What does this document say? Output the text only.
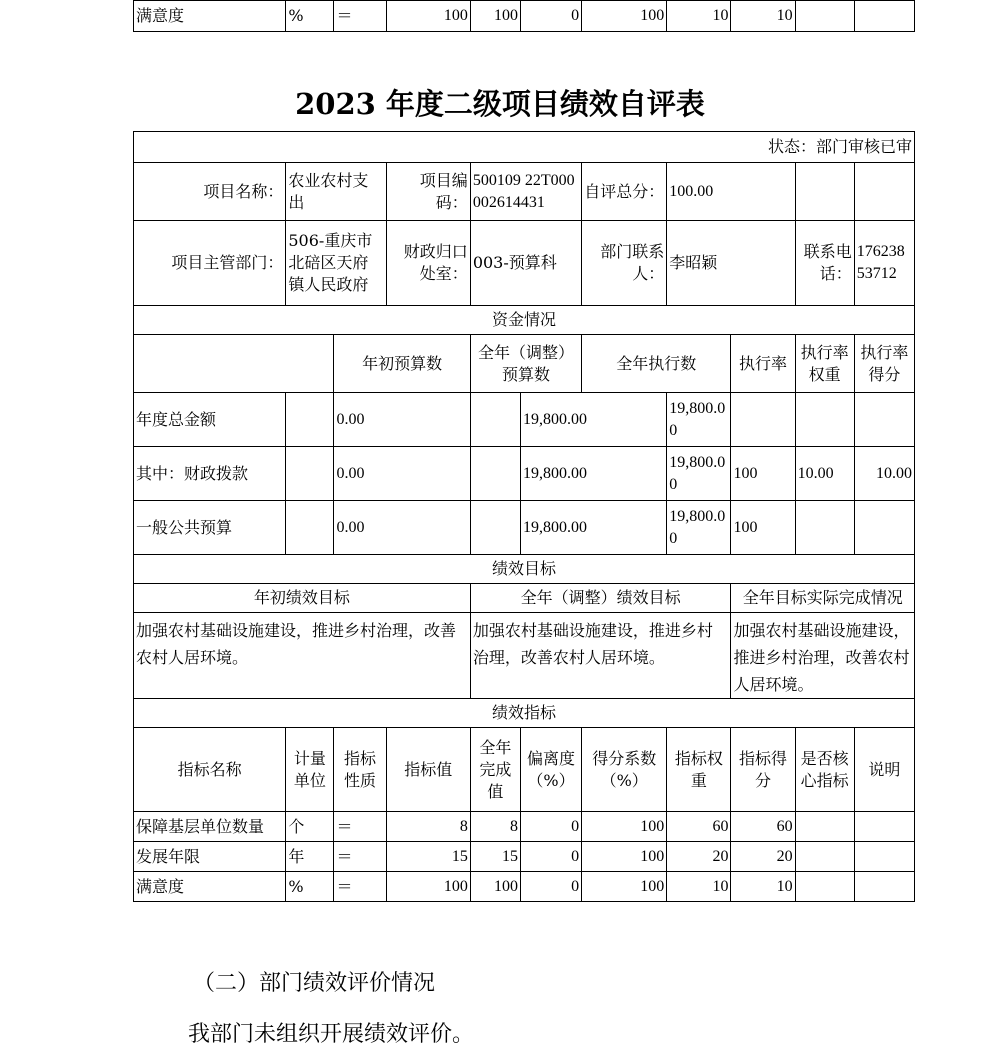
满意度	%	＝	100	100	0	100	10	10		
2023 年度二级项目绩效自评表
状态：部门审核已审										
项目名称：	农业农村支出		项目编码：	500109 22T000002614431		自评总分：	100.00			
项目主管部门：	506-重庆市北碚区天府镇人民政府		财政归口处室：	003-预算科		部门联系人：	李昭颖		联系电话：	17623853712
资金情况										
		年初预算数		全年（调整）预算数		全年执行数		执行率	执行率权重	执行率得分
年度总金额		0.00			19,800.00		19,800.00			
其中：财政拨款		0.00			19,800.00		19,800.00	100	10.00	10.00
一般公共预算		0.00			19,800.00		19,800.00	100		
绩效目标										
年初绩效目标				全年（调整）绩效目标				全年目标实际完成情况		
加强农村基础设施建设，推进乡村治理，改善农村人居环境。				加强农村基础设施建设，推进乡村治理，改善农村人居环境。				加强农村基础设施建设，推进乡村治理，改善农村人居环境。		
绩效指标										
指标名称	计量单位	指标性质	指标值	全年完成值	偏离度（%）	得分系数（%）	指标权重	指标得分	是否核心指标	说明
保障基层单位数量	个	＝	8	8	0	100	60	60		
发展年限	年	＝	15	15	0	100	20	20		
满意度	%	＝	100	100	0	100	10	10		
（二）部门绩效评价情况
我部门未组织开展绩效评价。
